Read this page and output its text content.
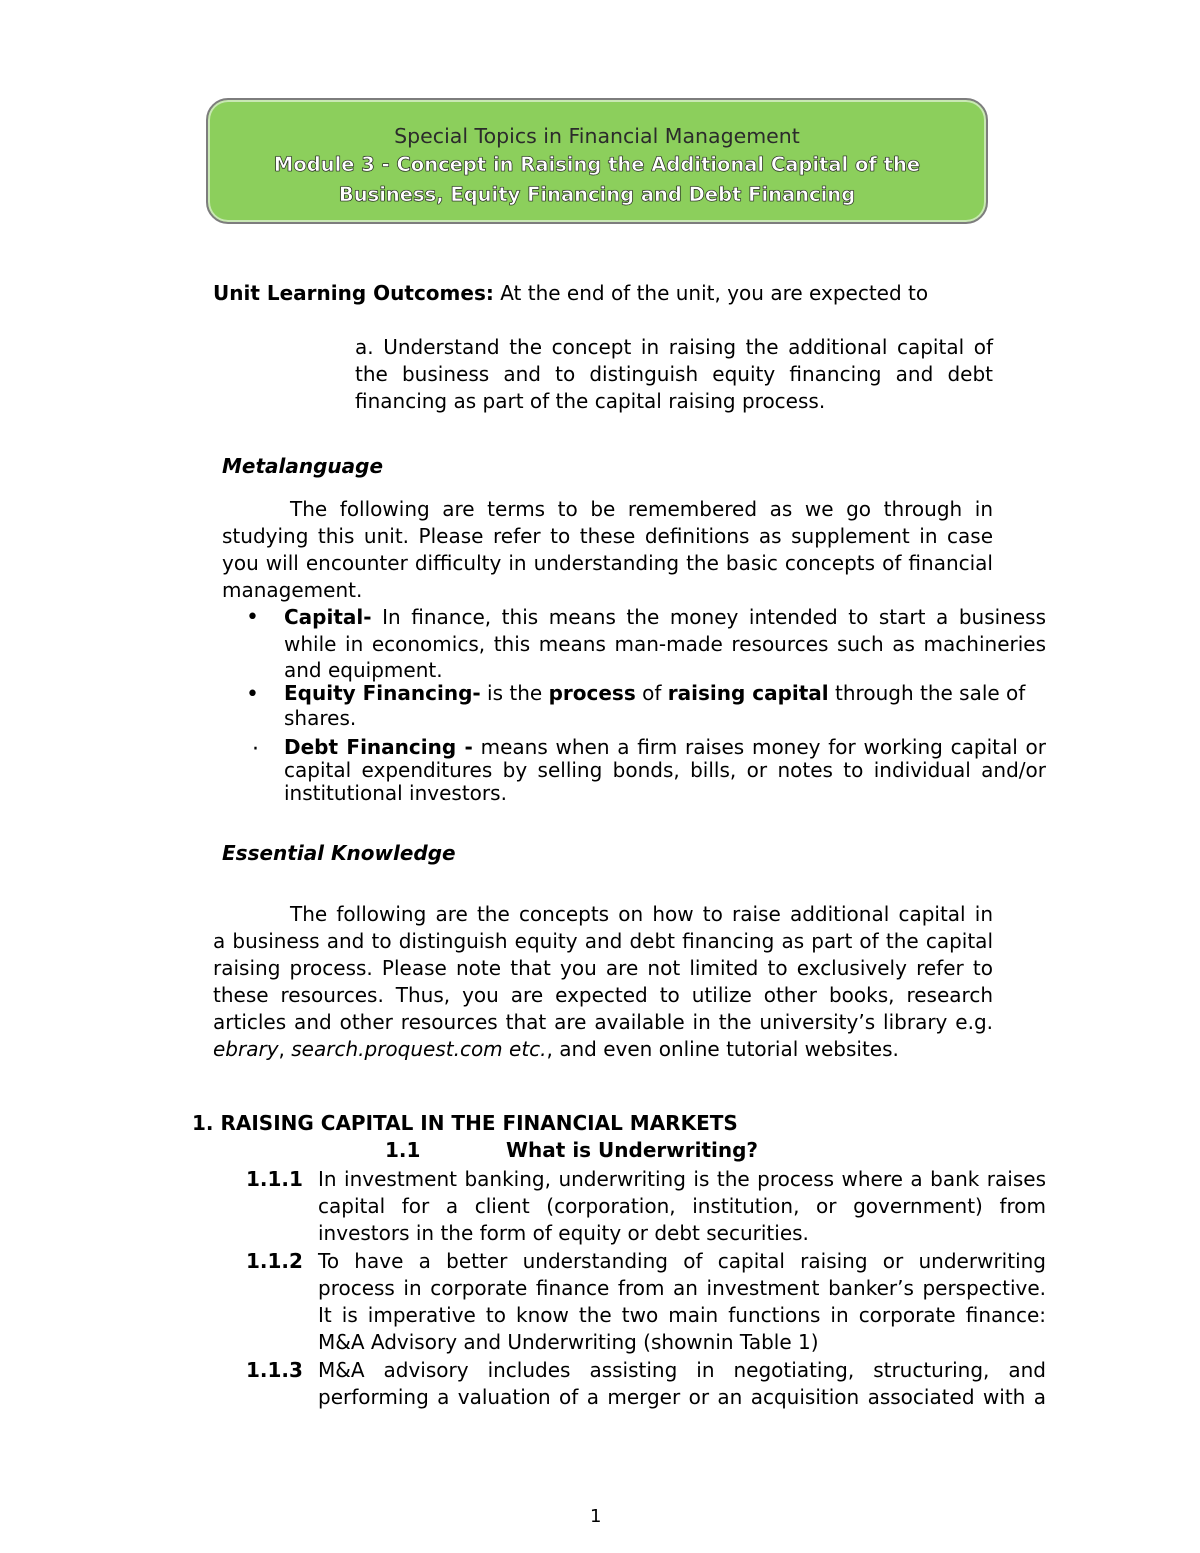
Special Topics in Financial Management
Module 3 - Concept in Raising the Additional Capital of the
Business, Equity Financing and Debt Financing
Unit Learning Outcomes: At the end of the unit, you are expected to

a. Understand the concept in raising the additional capital of

the business and to distinguish equity financing and debt

financing as part of the capital raising process.

Metalanguage

The following are terms to be remembered as we go through in

studying this unit. Please refer to these definitions as supplement in case

you will encounter difficulty in understanding the basic concepts of financial

management.

• Capital- In finance, this means the money intended to start a business

while in economics, this means man-made resources such as machineries

and equipment.

• Equity Financing- is the process of raising capital through the sale of
shares.
· Debt Financing - means when a firm raises money for working capital or

capital expenditures by selling bonds, bills, or notes to individual and/or

institutional investors.

Essential Knowledge

The following are the concepts on how to raise additional capital in

a business and to distinguish equity and debt financing as part of the capital

raising process. Please note that you are not limited to exclusively refer to

these resources. Thus, you are expected to utilize other books, research

articles and other resources that are available in the university’s library e.g.

ebrary, search.proquest.com etc., and even online tutorial websites.

1. RAISING CAPITAL IN THE FINANCIAL MARKETS
1.1	What is Underwriting?
1.1.1 In investment banking, underwriting is the process where a bank raises

capital for a client (corporation, institution, or government) from

investors in the form of equity or debt securities.

1.1.2 To have a better understanding of capital raising or underwriting

process in corporate finance from an investment banker’s perspective.

It is imperative to know the two main functions in corporate finance:

M&A Advisory and Underwriting (shownin Table 1)

1.1.3 M&A advisory includes assisting in negotiating, structuring, and

performing a valuation of a merger or an acquisition associated with a

1
